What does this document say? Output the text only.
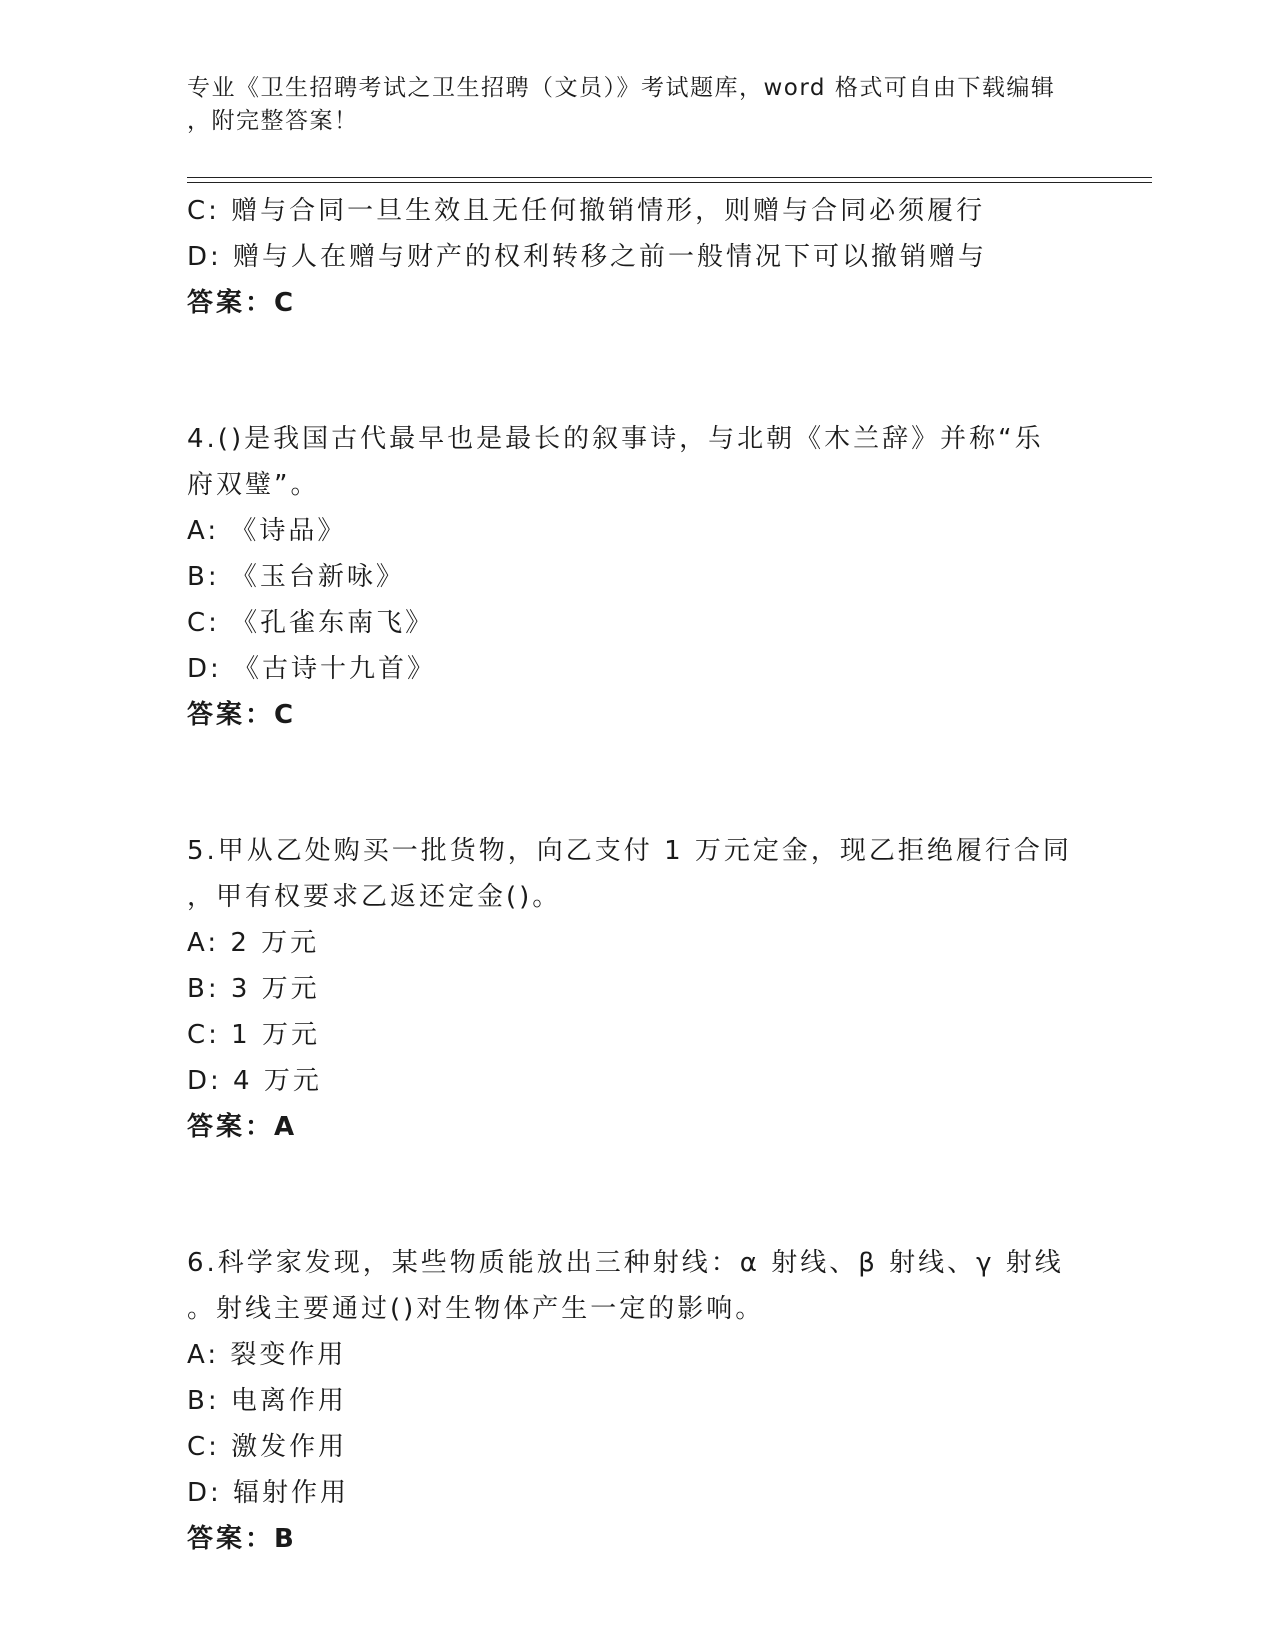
专业《卫生招聘考试之卫生招聘（文员）》考试题库，word 格式可自由下载编辑
，附完整答案！
C: 赠与合同一旦生效且无任何撤销情形，则赠与合同必须履行
D: 赠与人在赠与财产的权利转移之前一般情况下可以撤销赠与
答案：C
4.()是我国古代最早也是最长的叙事诗，与北朝《木兰辞》并称“乐
府双璧”。
A: 《诗品》
B: 《玉台新咏》
C: 《孔雀东南飞》
D: 《古诗十九首》
答案：C
5.甲从乙处购买一批货物，向乙支付 1 万元定金，现乙拒绝履行合同
，甲有权要求乙返还定金()。
A: 2 万元
B: 3 万元
C: 1 万元
D: 4 万元
答案：A
6.科学家发现，某些物质能放出三种射线：α 射线、β 射线、γ 射线
。射线主要通过()对生物体产生一定的影响。
A: 裂变作用
B: 电离作用
C: 激发作用
D: 辐射作用
答案：B
